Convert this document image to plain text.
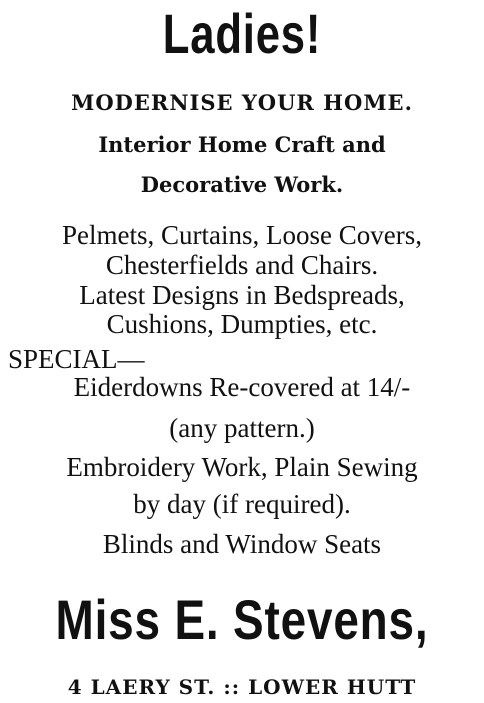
Ladies!
MODERNISE YOUR HOME.
Interior Home Craft and
Decorative Work.
Pelmets, Curtains, Loose Covers,
Chesterfields and Chairs.
Latest Designs in Bedspreads,
Cushions, Dumpties, etc.
SPECIAL—
Eiderdowns Re-covered at 14/-
(any pattern.)
Embroidery Work, Plain Sewing
by day (if required).
Blinds and Window Seats
Miss E. Stevens,
4 LAERY ST. :: LOWER HUTT
